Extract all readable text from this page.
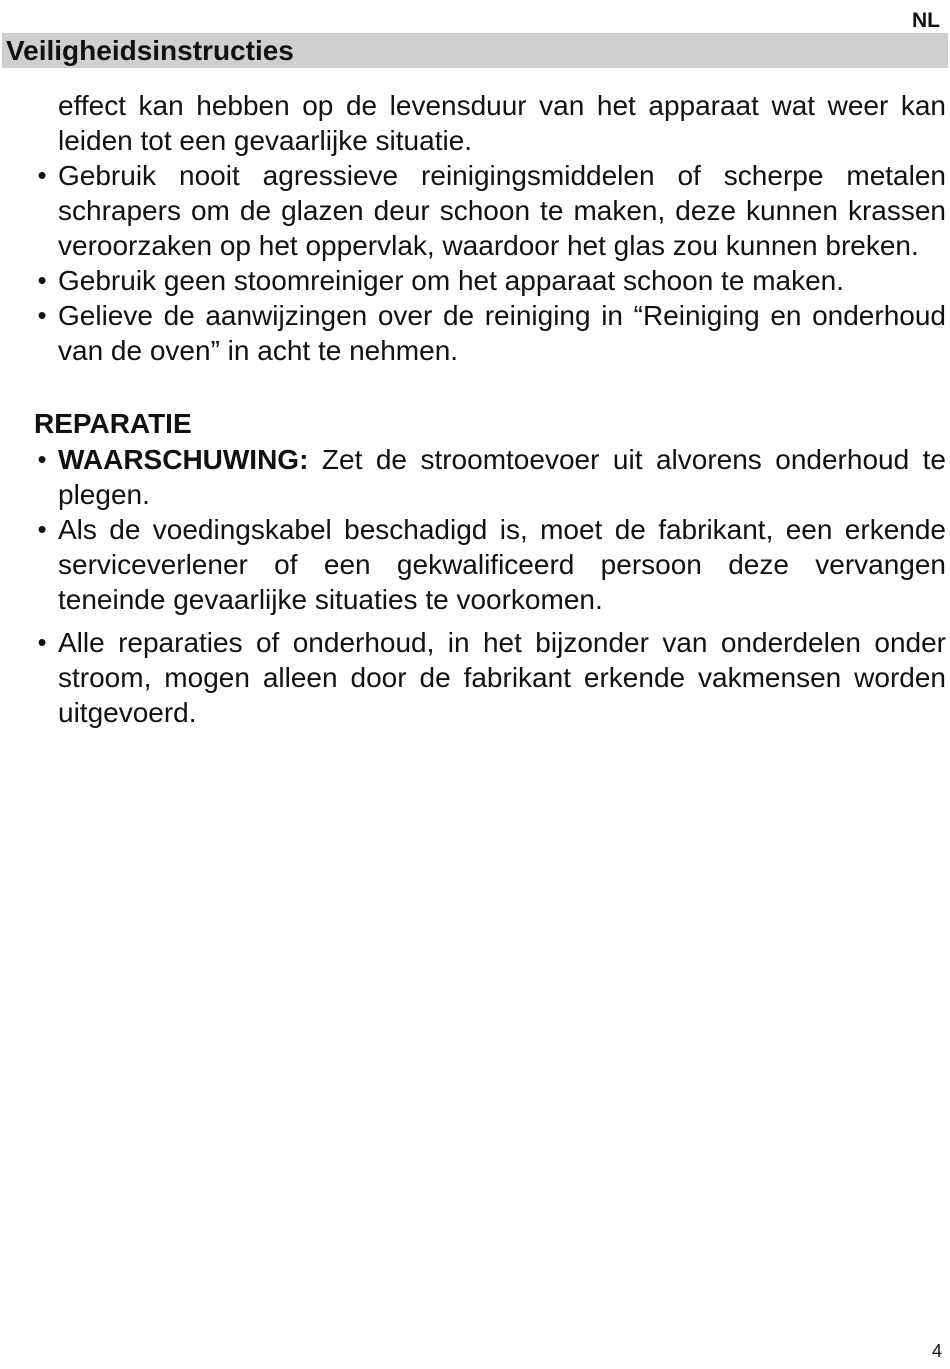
NL
Veiligheidsinstructies

effect kan hebben op de levensduur van het apparaat wat weer kan leiden tot een gevaarlijke situatie.

• Gebruik nooit agressieve reinigingsmiddelen of scherpe metalen schrapers om de glazen deur schoon te maken, deze kunnen krassen veroorzaken op het oppervlak, waardoor het glas zou kunnen breken.
• Gebruik geen stoomreiniger om het apparaat schoon te maken.
• Gelieve de aanwijzingen over de reiniging in “Reiniging en onderhoud van de oven” in acht te nehmen.
REPARATIE
• WAARSCHUWING: Zet de stroomtoevoer uit alvorens onderhoud te plegen.
• Als de voedingskabel beschadigd is, moet de fabrikant, een erkende serviceverlener of een gekwalificeerd persoon deze vervangen teneinde gevaarlijke situaties te voorkomen.
• Alle reparaties of onderhoud, in het bijzonder van onderdelen onder stroom, mogen alleen door de fabrikant erkende vakmensen worden uitgevoerd.
4
